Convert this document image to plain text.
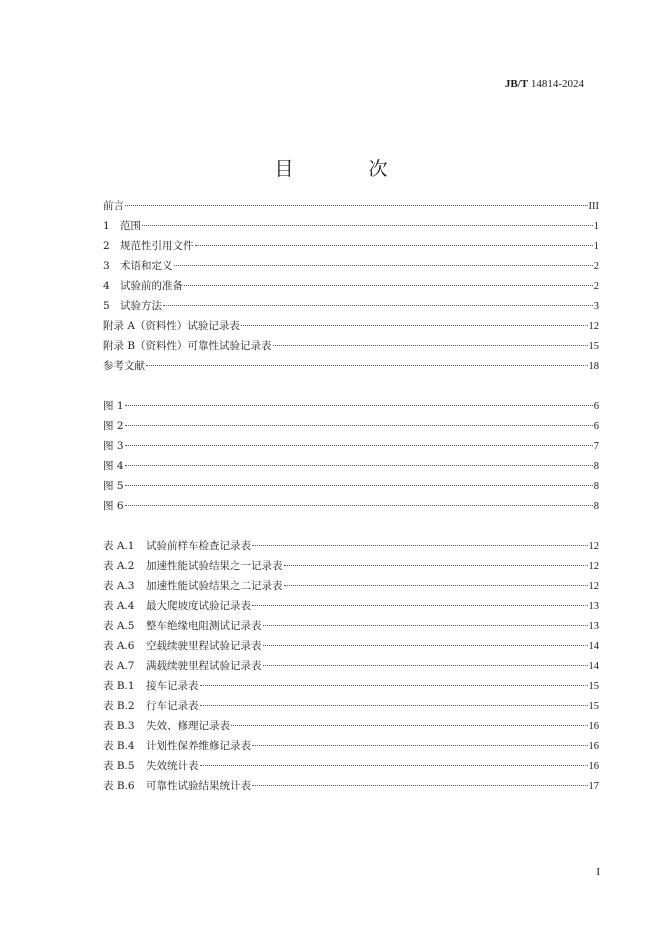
JB/T 14814-2024
目　次
前言	III
1 范围	1
2 规范性引用文件	1
3 术语和定义	2
4 试验前的准备	2
5 试验方法	3
附录 A（资料性）试验记录表	12
附录 B（资料性）可靠性试验记录表	15
参考文献	18
图 1	6
图 2	6
图 3	7
图 4	8
图 5	8
图 6	8
表 A.1	试验前样车检查记录表	12
表 A.2	加速性能试验结果之一记录表	12
表 A.3	加速性能试验结果之二记录表	12
表 A.4	最大爬坡度试验记录表	13
表 A.5	整车绝缘电阻测试记录表	13
表 A.6	空载续驶里程试验记录表	14
表 A.7	满载续驶里程试验记录表	14
表 B.1	接车记录表	15
表 B.2	行车记录表	15
表 B.3	失效、修理记录表	16
表 B.4	计划性保养维修记录表	16
表 B.5	失效统计表	16
表 B.6	可靠性试验结果统计表	17
I
